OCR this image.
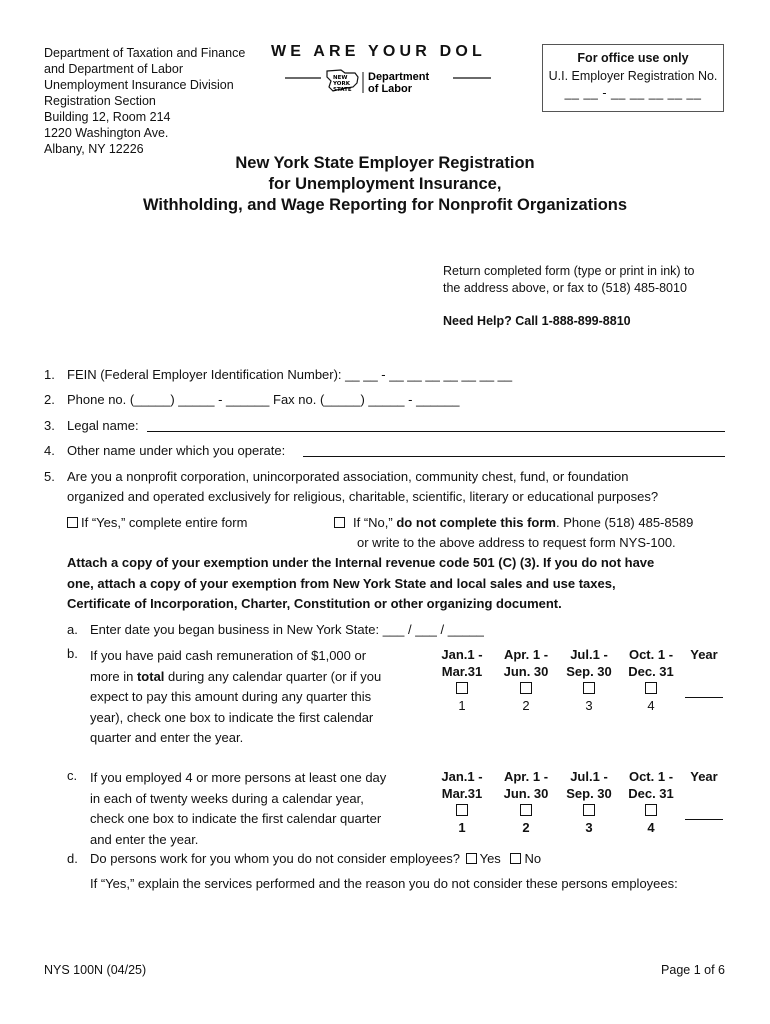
Department of Taxation and Finance
and Department of Labor
Unemployment Insurance Division
Registration Section
Building 12, Room 214
1220 Washington Ave.
Albany, NY 12226
WE ARE YOUR DOL
NEW
YORK
STATE
Department
of Labor
For office use only
U.I. Employer Registration No.
__ __ - __ __ __ __ __
New York State Employer Registration
for Unemployment Insurance,
Withholding, and Wage Reporting for Nonprofit Organizations
Return completed form (type or print in ink) to
the address above, or fax to (518) 485-8010
Need Help? Call 1-888-899-8810
1. FEIN (Federal Employer Identification Number): __ __ - __ __ __ __ __ __ __
2. Phone no. (_____) _____ - ______ Fax no. (_____) _____ - ______
3. Legal name:
4. Other name under which you operate:
5. Are you a nonprofit corporation, unincorporated association, community chest, fund, or foundation
organized and operated exclusively for religious, charitable, scientific, literary or educational purposes?
If “Yes,” complete entire form	If “No,” do not complete this form. Phone (518) 485-8589
or write to the above address to request form NYS-100.
Attach a copy of your exemption under the Internal revenue code 501 (C) (3). If you do not have
one, attach a copy of your exemption from New York State and local sales and use taxes,
Certificate of Incorporation, Charter, Constitution or other organizing document.
a. Enter date you began business in New York State: ___ / ___ / _____
b. If you have paid cash remuneration of $1,000 or
more in total during any calendar quarter (or if you
expect to pay this amount during any quarter this
year), check one box to indicate the first calendar
quarter and enter the year.
Jan.1 -
Mar.31
Apr. 1 -
Jun. 30
Jul.1 -
Sep. 30
Oct. 1 -
Dec. 31
Year
1	2	3	4
c. If you employed 4 or more persons at least one day
in each of twenty weeks during a calendar year,
check one box to indicate the first calendar quarter
and enter the year.
Jan.1 -
Mar.31
Apr. 1 -
Jun. 30
Jul.1 -
Sep. 30
Oct. 1 -
Dec. 31
Year
1	2	3	4
d. Do persons work for you whom you do not consider employees? Yes No
If “Yes,” explain the services performed and the reason you do not consider these persons employees:
NYS 100N (04/25)	Page 1 of 6
